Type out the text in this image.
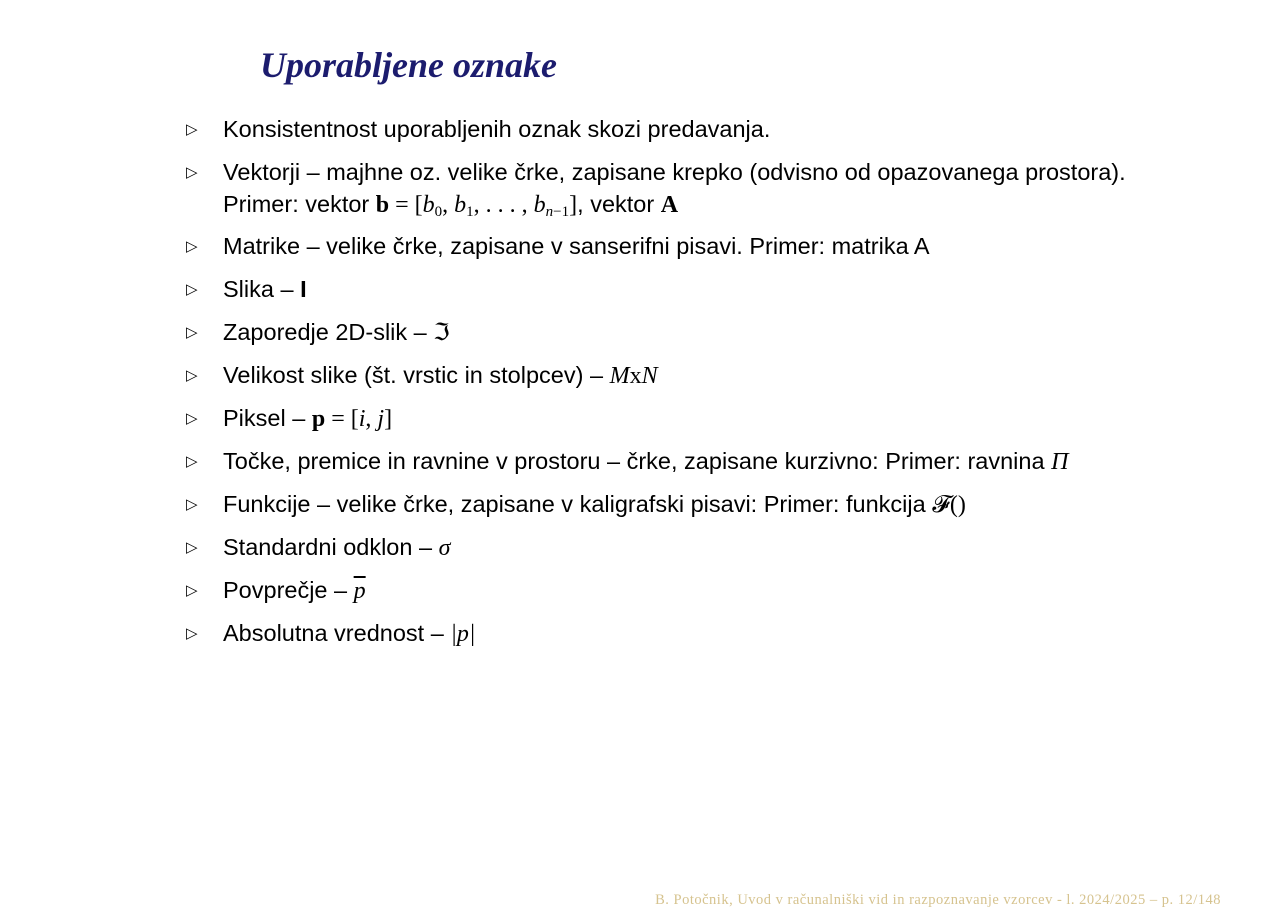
Uporabljene oznake
▷	Konsistentnost uporabljenih oznak skozi predavanja.
▷	Vektorji – majhne oz. velike črke, zapisane krepko (odvisno od opazovanega prostora). Primer: vektor $b = [b_0$, $b_1$, . . . , $b_{n-1}$], vektor A
▷	Matrike – velike črke, zapisane v sanserifni pisavi. Primer: matrika A
▷	Slika – I
▷	Zaporedje 2D-slik – ℑ
▷	Velikost slike (št. vrstic in stolpcev) – MxN
▷	Piksel – p = [i, j]
▷	Točke, premice in ravnine v prostoru – črke, zapisane kurzivno: Primer: ravnina Π
▷	Funkcije – velike črke, zapisane v kaligrafski pisavi: Primer: funkcija 𝓕()
▷	Standardni odklon – σ
▷	Povprečje – $\overline{p}$
▷	Absolutna vrednost – |p|
B. Potočnik, Uvod v računalniški vid in razpoznavanje vzorcev - l. 2024/2025 – p. 12/148
